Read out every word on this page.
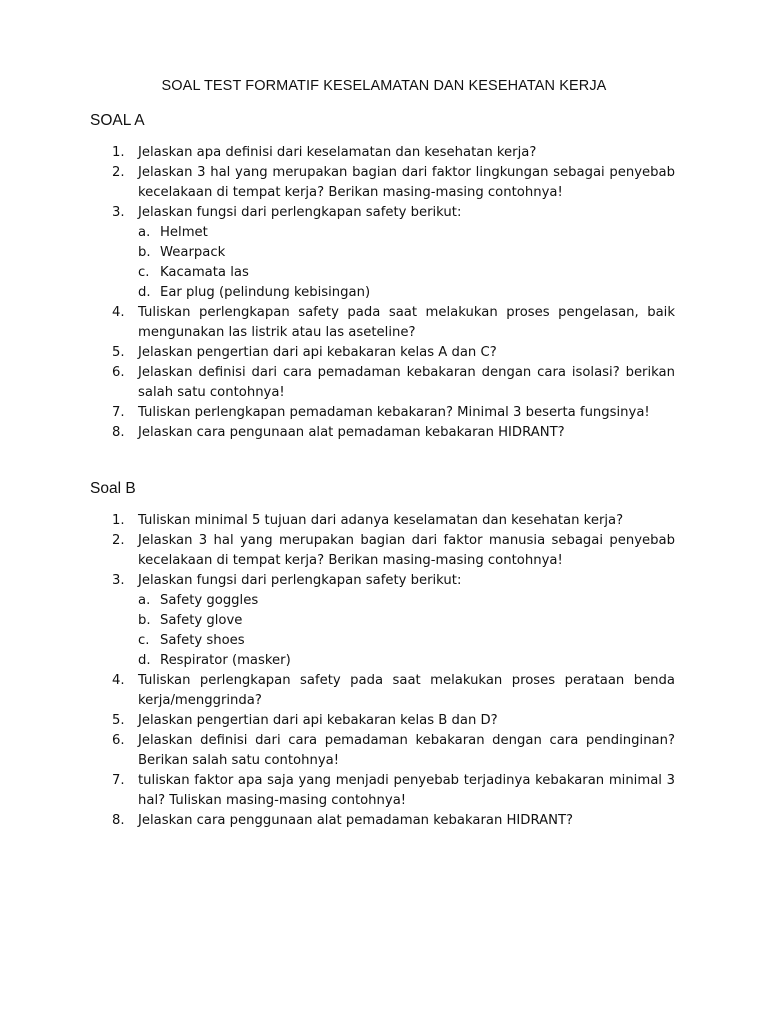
SOAL TEST FORMATIF KESELAMATAN DAN KESEHATAN KERJA
SOAL A
1. Jelaskan apa definisi dari keselamatan dan kesehatan kerja?
2. Jelaskan 3 hal yang merupakan bagian dari faktor lingkungan sebagai penyebab kecelakaan di tempat kerja? Berikan masing-masing contohnya!
3. Jelaskan fungsi dari perlengkapan safety berikut:
a. Helmet
b. Wearpack
c. Kacamata las
d. Ear plug (pelindung kebisingan)
4. Tuliskan perlengkapan safety pada saat melakukan proses pengelasan, baik mengunakan las listrik atau las aseteline?
5. Jelaskan pengertian dari api kebakaran kelas A dan C?
6. Jelaskan definisi dari cara pemadaman kebakaran dengan cara isolasi? berikan salah satu contohnya!
7. Tuliskan perlengkapan pemadaman kebakaran? Minimal 3 beserta fungsinya!
8. Jelaskan cara pengunaan alat pemadaman kebakaran HIDRANT?
Soal B
1. Tuliskan minimal 5 tujuan dari adanya keselamatan dan kesehatan kerja?
2. Jelaskan 3 hal yang merupakan bagian dari faktor manusia sebagai penyebab kecelakaan di tempat kerja? Berikan masing-masing contohnya!
3. Jelaskan fungsi dari perlengkapan safety berikut:
a. Safety goggles
b. Safety glove
c. Safety shoes
d. Respirator (masker)
4. Tuliskan perlengkapan safety pada saat melakukan proses perataan benda kerja/menggrinda?
5. Jelaskan pengertian dari api kebakaran kelas B dan D?
6. Jelaskan definisi dari cara pemadaman kebakaran dengan cara pendinginan? Berikan salah satu contohnya!
7. tuliskan faktor apa saja yang menjadi penyebab terjadinya kebakaran minimal 3 hal? Tuliskan masing-masing contohnya!
8. Jelaskan cara penggunaan alat pemadaman kebakaran HIDRANT?
